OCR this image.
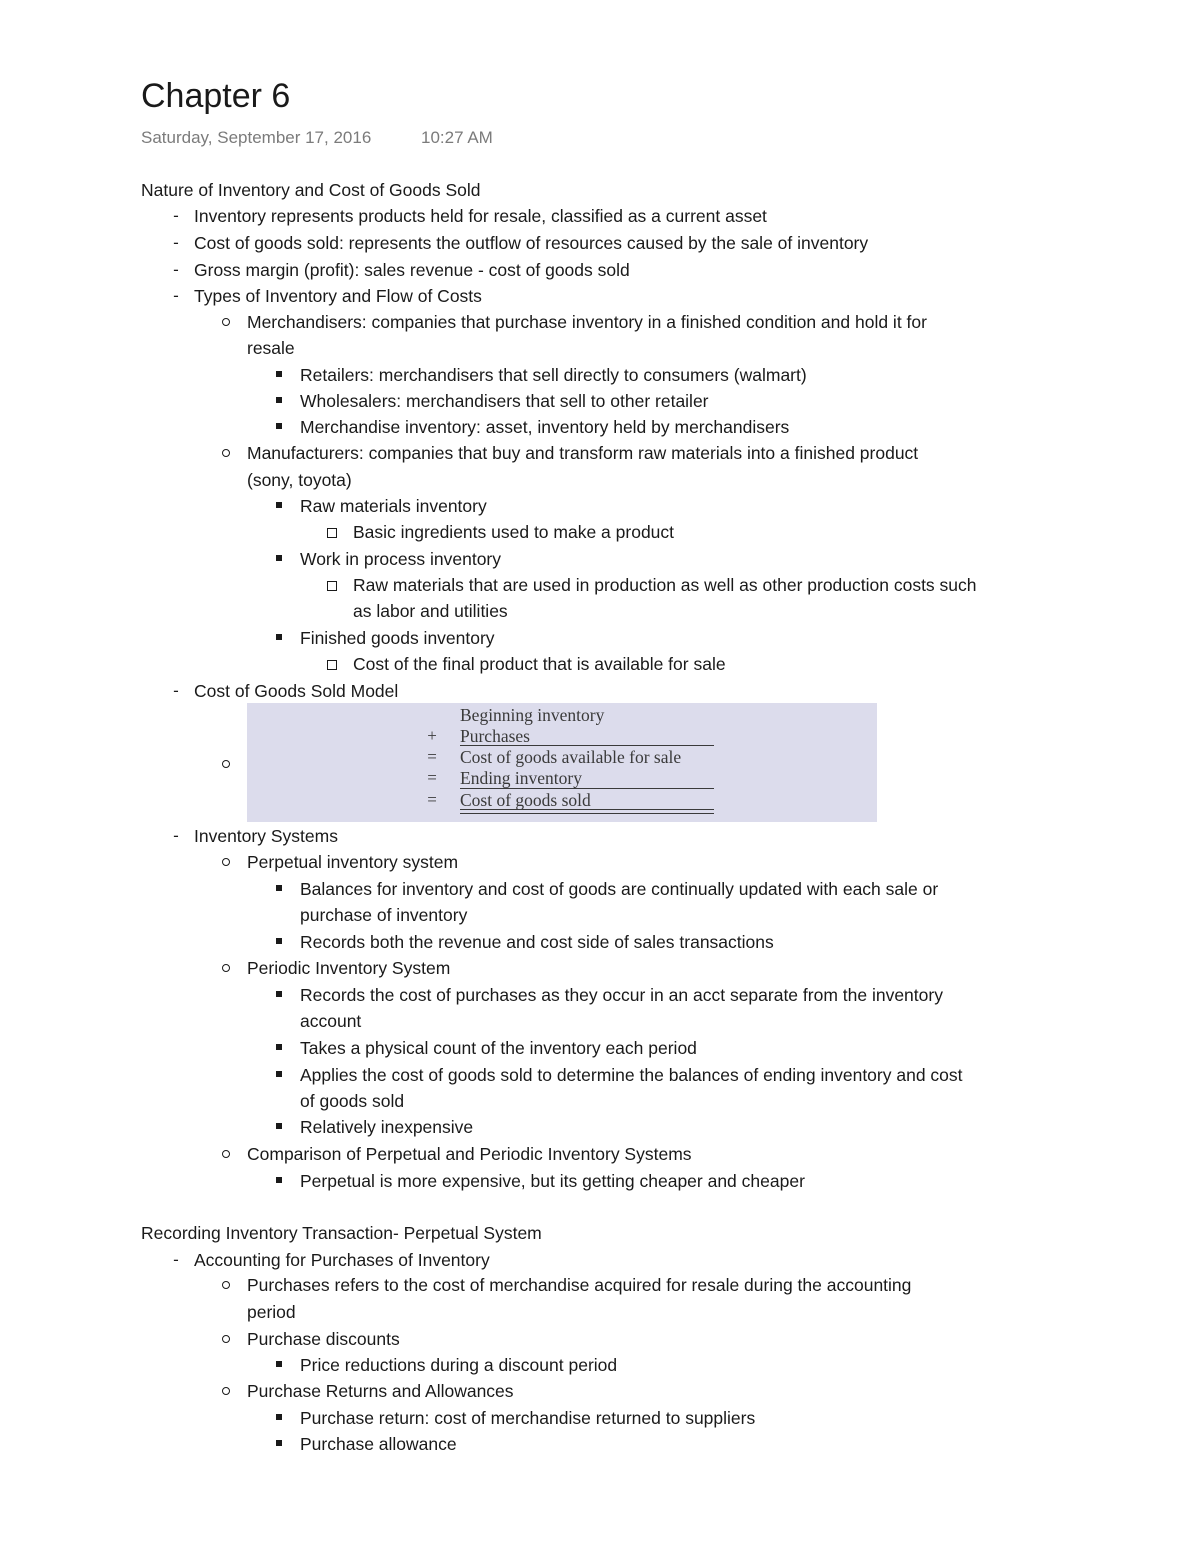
Chapter 6
Saturday, September 17, 2016	10:27 AM
Nature of Inventory and Cost of Goods Sold
- Inventory represents products held for resale, classified as a current asset
- Cost of goods sold: represents the outflow of resources caused by the sale of inventory
- Gross margin (profit): sales revenue - cost of goods sold
- Types of Inventory and Flow of Costs
Merchandisers: companies that purchase inventory in a finished condition and hold it for
resale
Retailers: merchandisers that sell directly to consumers (walmart)
Wholesalers: merchandisers that sell to other retailer
Merchandise inventory: asset, inventory held by merchandisers
Manufacturers: companies that buy and transform raw materials into a finished product
(sony, toyota)
Raw materials inventory
Basic ingredients used to make a product
Work in process inventory
Raw materials that are used in production as well as other production costs such
as labor and utilities
Finished goods inventory
Cost of the final product that is available for sale
- Cost of Goods Sold Model
Beginning inventory
+	Purchases
=	Cost of goods available for sale
=	Ending inventory
=	Cost of goods sold
- Inventory Systems
Perpetual inventory system
Balances for inventory and cost of goods are continually updated with each sale or
purchase of inventory
Records both the revenue and cost side of sales transactions
Periodic Inventory System
Records the cost of purchases as they occur in an acct separate from the inventory
account
Takes a physical count of the inventory each period
Applies the cost of goods sold to determine the balances of ending inventory and cost
of goods sold
Relatively inexpensive
Comparison of Perpetual and Periodic Inventory Systems
Perpetual is more expensive, but its getting cheaper and cheaper
Recording Inventory Transaction- Perpetual System
- Accounting for Purchases of Inventory
Purchases refers to the cost of merchandise acquired for resale during the accounting
period
Purchase discounts
Price reductions during a discount period
Purchase Returns and Allowances
Purchase return: cost of merchandise returned to suppliers
Purchase allowance
